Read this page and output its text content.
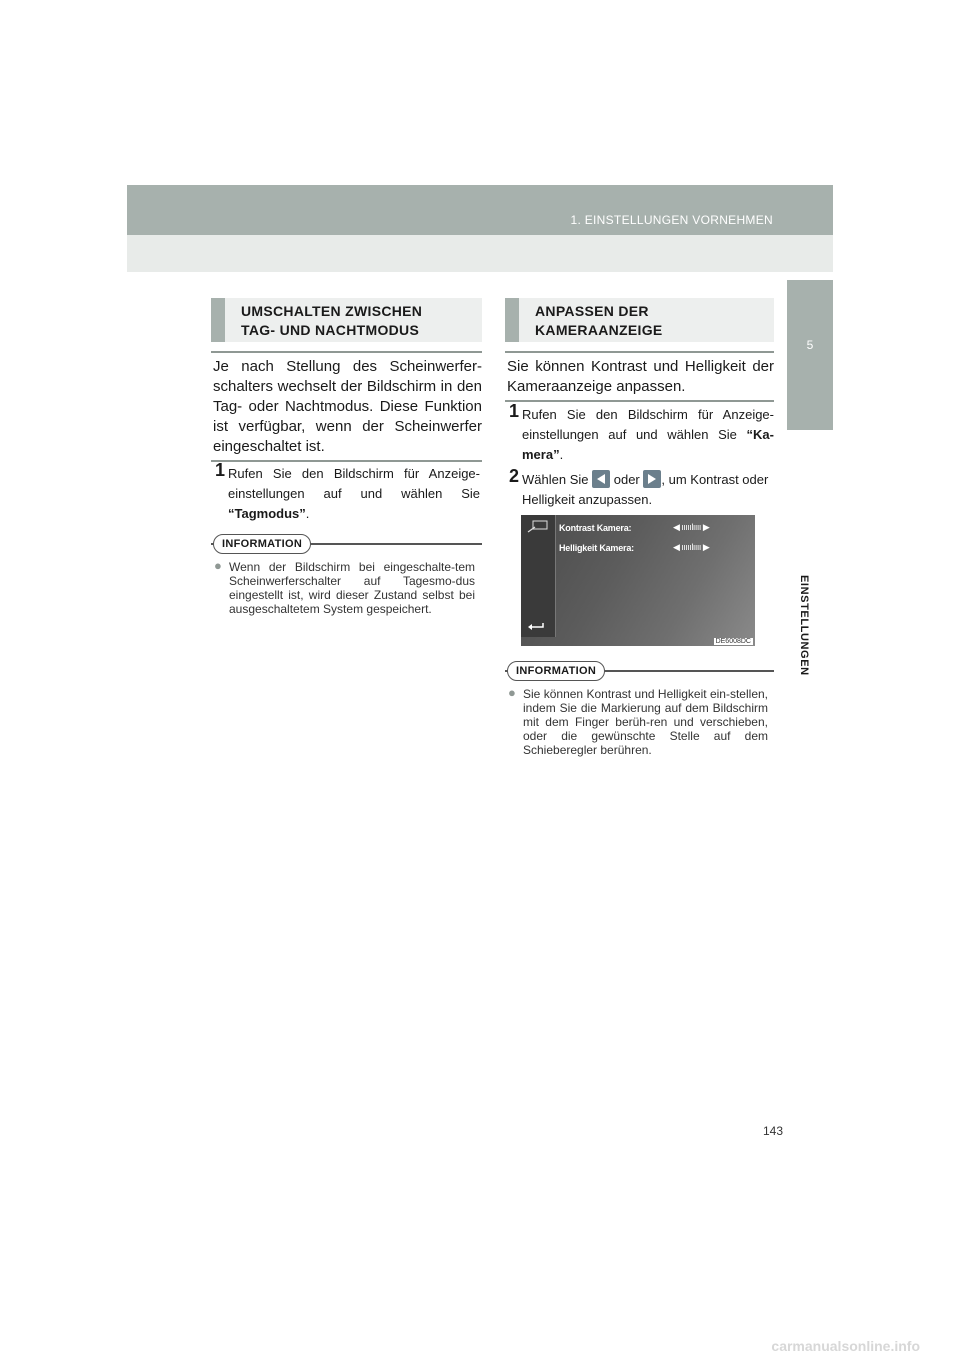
1. EINSTELLUNGEN VORNEHMEN
5
EINSTELLUNGEN
UMSCHALTEN ZWISCHEN
TAG- UND NACHTMODUS
Je nach Stellung des Scheinwerfer-schalters wechselt der Bildschirm in den Tag- oder Nachtmodus. Diese Funktion ist verfügbar, wenn der Scheinwerfer eingeschaltet ist.
1 Rufen Sie den Bildschirm für Anzeige-einstellungen auf und wählen Sie “Tagmodus”.
INFORMATION
● Wenn der Bildschirm bei eingeschalte-tem Scheinwerferschalter auf Tagesmo-dus eingestellt ist, wird dieser Zustand selbst bei ausgeschaltetem System gespeichert.
ANPASSEN DER
KAMERAANZEIGE
Sie können Kontrast und Helligkeit der Kameraanzeige anpassen.
1 Rufen Sie den Bildschirm für Anzeige-einstellungen auf und wählen Sie “Ka-mera”.
2 Wählen Sie oder , um Kontrast oder Helligkeit anzupassen.
Kontrast Kamera:	◀ ııııılıııı ▶
Helligkeit Kamera:	◀ ııııılıııı ▶
DE6008DC
INFORMATION
● Sie können Kontrast und Helligkeit ein-stellen, indem Sie die Markierung auf dem Bildschirm mit dem Finger berüh-ren und verschieben, oder die gewünschte Stelle auf dem Schieberegler berühren.
143
carmanualsonline.info
